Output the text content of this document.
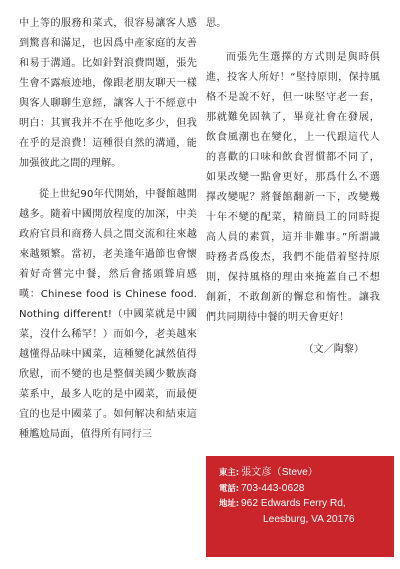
中上等的服務和菜式，很容易讓客人感到驚喜和滿足，也因爲中產家庭的友善和易于溝通。比如針對浪費問題，張先生會不露痕迹地，像跟老朋友聊天一樣與客人聊聊生意經，讓客人于不經意中明白：其實我并不在乎他吃多少，但我在乎的是浪費！這種很自然的溝通，能加强彼此之間的理解。

從上世紀90年代開始，中餐館越開越多。隨着中國開放程度的加深，中美政府官員和商務人員之間交流和往來越來越頻繁。當初，老美逢年過節也會懷着好奇嘗完中餐，然后會搖頭聳肩感嘆：Chinese food is Chinese food. Nothing different!（中國菜就是中國菜，沒什么稀罕！）而如今，老美越來越懂得品味中國菜，這種變化誠然值得欣慰，而不變的也是整個美國少數族裔菜系中，最多人吃的是中國菜，而最便宜的也是中國菜了。如何解决和結束這種尷尬局面，值得所有同行三

思。

而張先生選擇的方式則是與時俱進，投客人所好！“堅持原則，保持風格不是說不好，但一味堅守老一套，那就難免固執了，畢竟社會在發展，飲食風潮也在變化，上一代跟這代人的喜歡的口味和飲食習慣都不同了，如果改變一點會更好，那爲什么不選擇改變呢？將餐館翻新一下，改變幾十年不變的配菜，精簡員工的同時提高人員的素質，這并非難事。”所謂識時務者爲俊杰，我們不能借着堅持原則，保持風格的理由來掩蓋自己不想創新，不敢創新的懈怠和惰性。讓我們共同期待中餐的明天會更好！

（文／陶黎）

東主: 張文彦（Steve）
電話: 703-443-0628
地址: 962 Edwards Ferry Rd,
Leesburg, VA 20176
